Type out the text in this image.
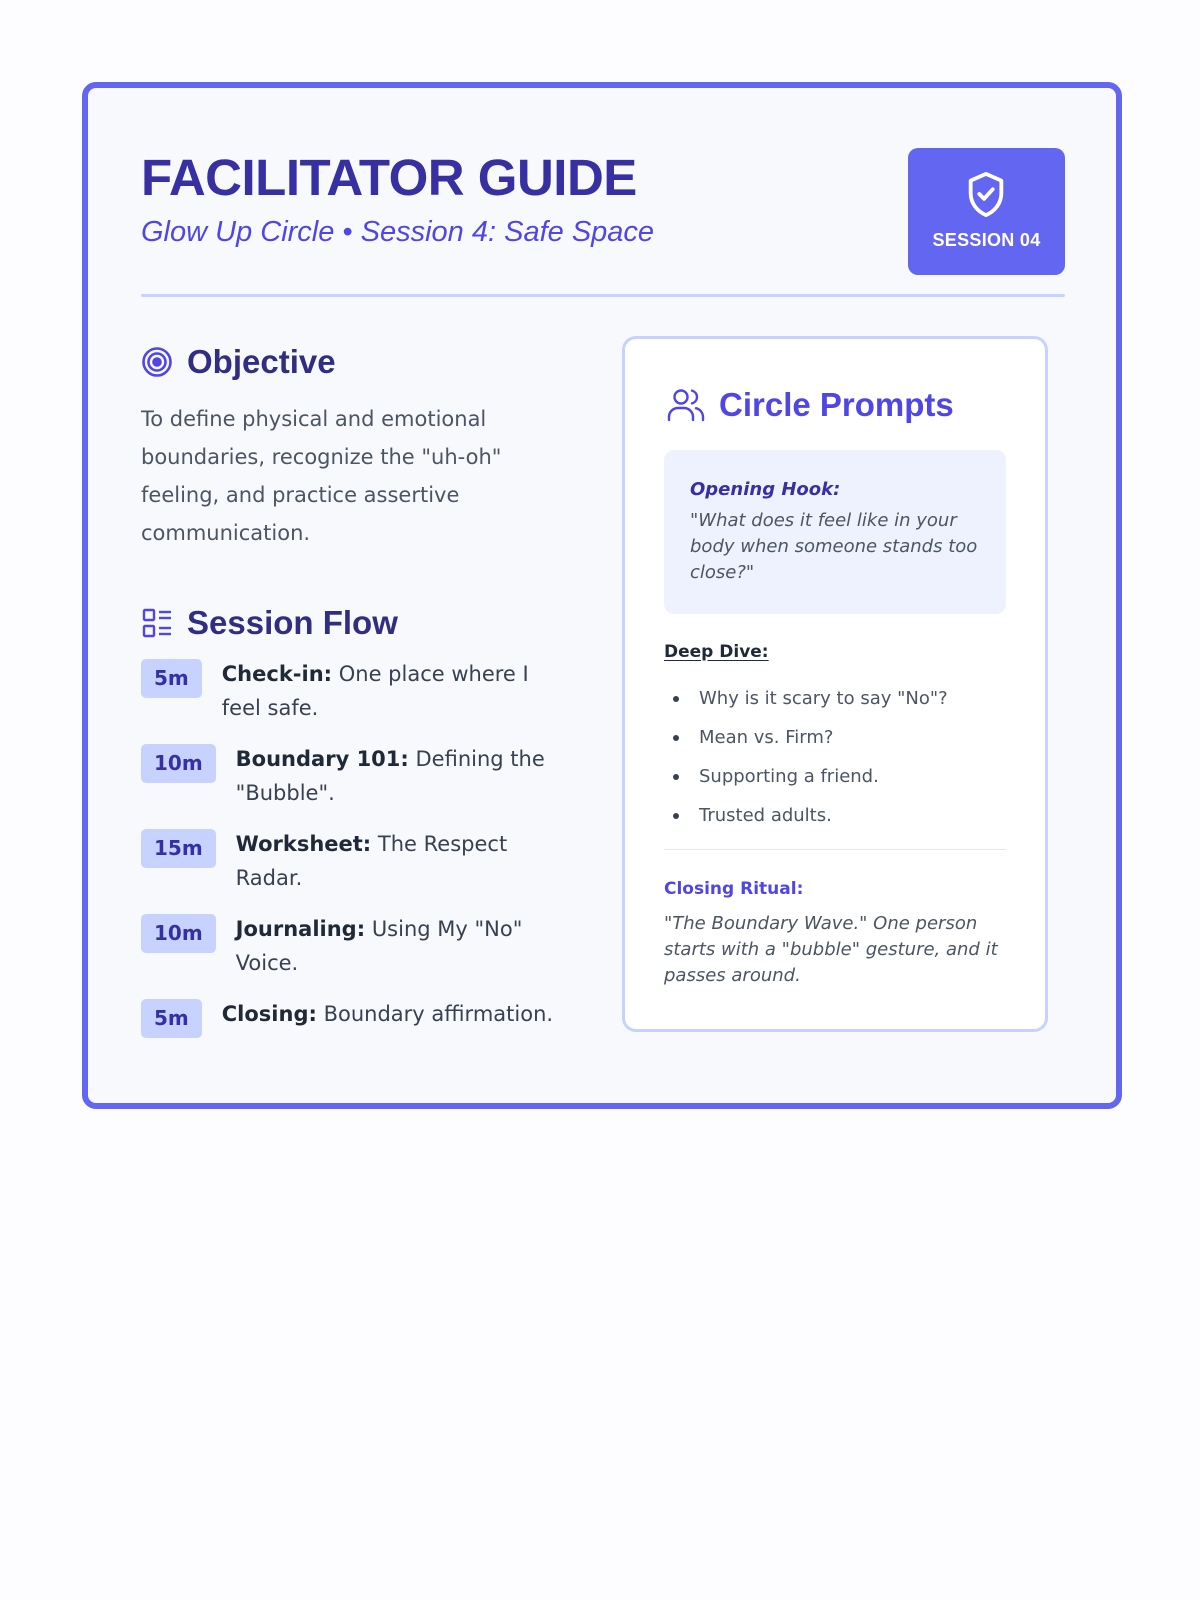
FACILITATOR GUIDE
Glow Up Circle • Session 4: Safe Space	SESSION 04
Objective

To define physical and emotional boundaries, recognize the "uh-oh" feeling, and practice assertive communication.

Session Flow
5m	Check-in: One place where I feel safe.
10m	Boundary 101: Defining the "Bubble".
15m	Worksheet: The Respect Radar.
10m	Journaling: Using My "No" Voice.
5m	Closing: Boundary affirmation.
Circle Prompts
Opening Hook:
"What does it feel like in your body when someone stands too close?"
Deep Dive:
Why is it scary to say "No"?
Mean vs. Firm?
Supporting a friend.
Trusted adults.
Closing Ritual:
"The Boundary Wave." One person starts with a "bubble" gesture, and it passes around.
